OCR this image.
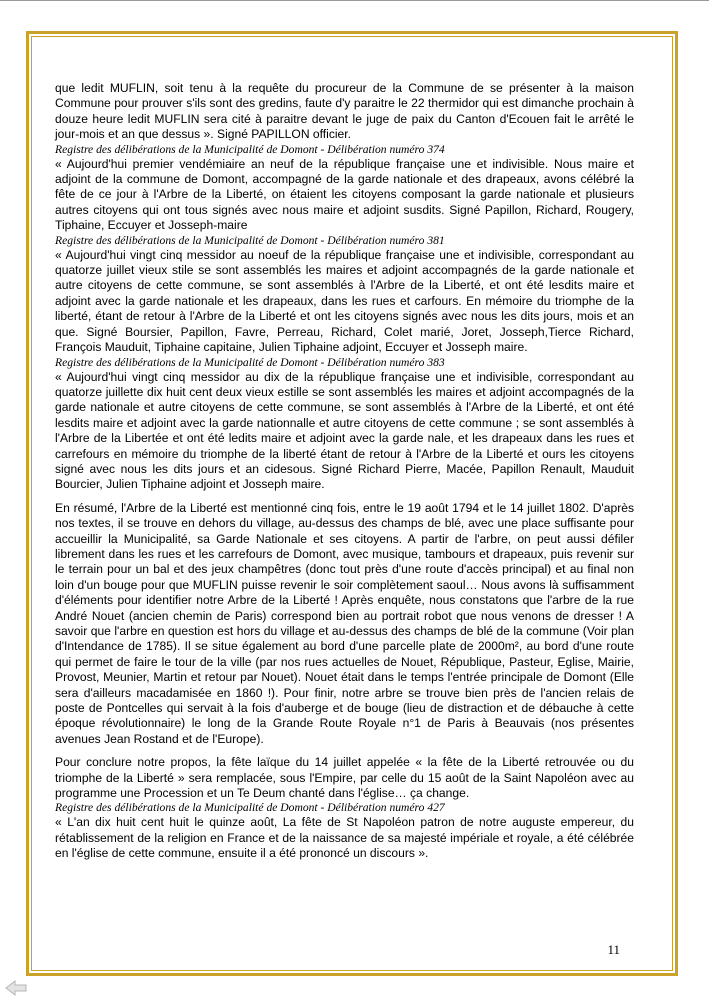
que ledit MUFLIN, soit tenu à la requête du procureur de la Commune de se présenter à la maison Commune pour prouver s'ils sont des gredins, faute d'y paraitre le 22 thermidor qui est dimanche prochain à douze heure ledit MUFLIN sera cité à paraitre devant le juge de paix du Canton d'Ecouen fait le arrêté le jour-mois et an que dessus ». Signé PAPILLON officier.

Registre des délibérations de la Municipalité de Domont - Délibération numéro 374

« Aujourd'hui premier vendémiaire an neuf de la république française une et indivisible. Nous maire et adjoint de la commune de Domont, accompagné de la garde nationale et des drapeaux, avons célébré la fête de ce jour à l'Arbre de la Liberté, on étaient les citoyens composant la garde nationale et plusieurs autres citoyens qui ont tous signés avec nous maire et adjoint susdits. Signé Papillon, Richard, Rougery, Tiphaine, Eccuyer et Josseph-maire

Registre des délibérations de la Municipalité de Domont - Délibération numéro 381

« Aujourd'hui vingt cinq messidor au noeuf de la république française une et indivisible, correspondant au quatorze juillet vieux stile se sont assemblés les maires et adjoint accompagnés de la garde nationale et autre citoyens de cette commune, se sont assemblés à l'Arbre de la Liberté, et ont été lesdits maire et adjoint avec la garde nationale et les drapeaux, dans les rues et carfours. En mémoire du triomphe de la liberté, étant de retour à l'Arbre de la Liberté et ont les citoyens signés avec nous les dits jours, mois et an que. Signé Boursier, Papillon, Favre, Perreau, Richard, Colet marié, Joret, Josseph,Tierce Richard, François Mauduit, Tiphaine capitaine, Julien Tiphaine adjoint, Eccuyer et Josseph maire.

Registre des délibérations de la Municipalité de Domont - Délibération numéro 383

« Aujourd'hui vingt cinq messidor au dix de la république française une et indivisible, correspondant au quatorze juillette dix huit cent deux vieux estille se sont assemblés les maires et adjoint accompagnés de la garde nationale et autre citoyens de cette commune, se sont assemblés à l'Arbre de la Liberté, et ont été lesdits maire et adjoint avec la garde nationnalle et autre citoyens de cette commune ; se sont assemblés à l'Arbre de la Libertée et ont été ledits maire et adjoint avec la garde nale, et les drapeaux dans les rues et carrefours en mémoire du triomphe de la liberté étant de retour à l'Arbre de la Liberté et ours les citoyens signé avec nous les dits jours et an cidesous. Signé Richard Pierre, Macée, Papillon Renault, Mauduit Bourcier, Julien Tiphaine adjoint et Josseph maire.

En résumé, l'Arbre de la Liberté est mentionné cinq fois, entre le 19 août 1794 et le 14 juillet 1802. D'après nos textes, il se trouve en dehors du village, au-dessus des champs de blé, avec une place suffisante pour accueillir la Municipalité, sa Garde Nationale et ses citoyens. A partir de l'arbre, on peut aussi défiler librement dans les rues et les carrefours de Domont, avec musique, tambours et drapeaux, puis revenir sur le terrain pour un bal et des jeux champêtres (donc tout près d'une route d'accès principal) et au final non loin d'un bouge pour que MUFLIN puisse revenir le soir complètement saoul… Nous avons là suffisamment d'éléments pour identifier notre Arbre de la Liberté ! Après enquête, nous constatons que l'arbre de la rue André Nouet (ancien chemin de Paris) correspond bien au portrait robot que nous venons de dresser ! A savoir que l'arbre en question est hors du village et au-dessus des champs de blé de la commune (Voir plan d'Intendance de 1785). Il se situe également au bord d'une parcelle plate de 2000m², au bord d'une route qui permet de faire le tour de la ville (par nos rues actuelles de Nouet, République, Pasteur, Eglise, Mairie, Provost, Meunier, Martin et retour par Nouet). Nouet était dans le temps l'entrée principale de Domont (Elle sera d'ailleurs macadamisée en 1860 !). Pour finir, notre arbre se trouve bien près de l'ancien relais de poste de Pontcelles qui servait à la fois d'auberge et de bouge (lieu de distraction et de débauche à cette époque révolutionnaire) le long de la Grande Route Royale n°1 de Paris à Beauvais (nos présentes avenues Jean Rostand et de l'Europe).

Pour conclure notre propos, la fête laïque du 14 juillet appelée « la fête de la Liberté retrouvée ou du triomphe de la Liberté » sera remplacée, sous l'Empire, par celle du 15 août de la Saint Napoléon avec au programme une Procession et un Te Deum chanté dans l'église… ça change.

Registre des délibérations de la Municipalité de Domont - Délibération numéro 427

« L'an dix huit cent huit le quinze août, La fête de St Napoléon patron de notre auguste empereur, du rétablissement de la religion en France et de la naissance de sa majesté impériale et royale, a été célébrée en l'église de cette commune, ensuite il a été prononcé un discours ».

11
